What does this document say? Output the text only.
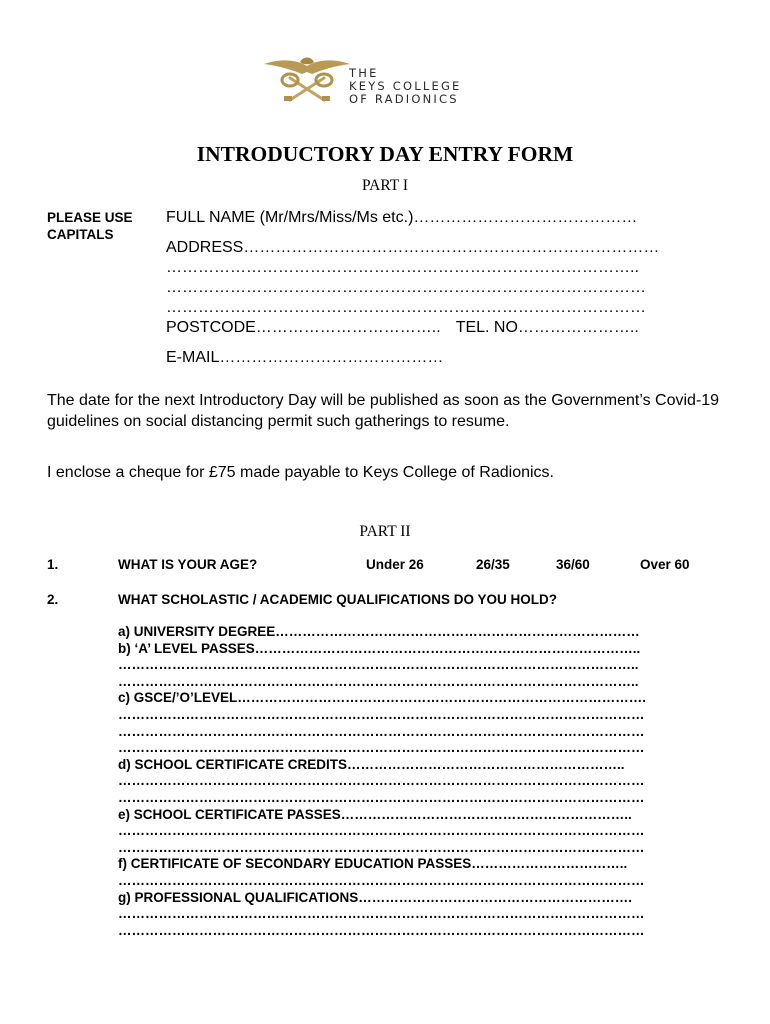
THE
KEYS COLLEGE
OF RADIONICS
INTRODUCTORY DAY ENTRY FORM
PART I
PLEASE USE CAPITALS
FULL NAME (Mr/Mrs/Miss/Ms etc.)……………………………………
ADDRESS……………………………………………………………………
……………………………………………………………………………..
………………………………………………………………………………
………………………………………………………………………………
POSTCODE…………………………….. TEL. NO…………………..
E-MAIL……………………………………
The date for the next Introductory Day will be published as soon as the Government’s Covid-19 guidelines on social distancing permit such gatherings to resume.
I enclose a cheque for £75 made payable to Keys College of Radionics.
PART II
1.	WHAT IS YOUR AGE?	Under 26	26/35	36/60	Over 60
2.	WHAT SCHOLASTIC / ACADEMIC QUALIFICATIONS DO YOU HOLD?
a) UNIVERSITY DEGREE………………………………………………………………………
b) ‘A’ LEVEL PASSES…………………………………………………………………………..
……………………………………………………………………………………………………..
……………………………………………………………………………………………………..
c) GSCE/’O’LEVEL……………………………………………………………………………….
………………………………………………………………………………………………………
………………………………………………………………………………………………………
………………………………………………………………………………………………………
d) SCHOOL CERTIFICATE CREDITS……………………………………………………..
………………………………………………………………………………………………………
………………………………………………………………………………………………………
e) SCHOOL CERTIFICATE PASSES………………………………………………………..
………………………………………………………………………………………………………
………………………………………………………………………………………………………
f) CERTIFICATE OF SECONDARY EDUCATION PASSES……………………………..
………………………………………………………………………………………………………
g) PROFESSIONAL QUALIFICATIONS…………………………………………………….
………………………………………………………………………………………………………
………………………………………………………………………………………………………
